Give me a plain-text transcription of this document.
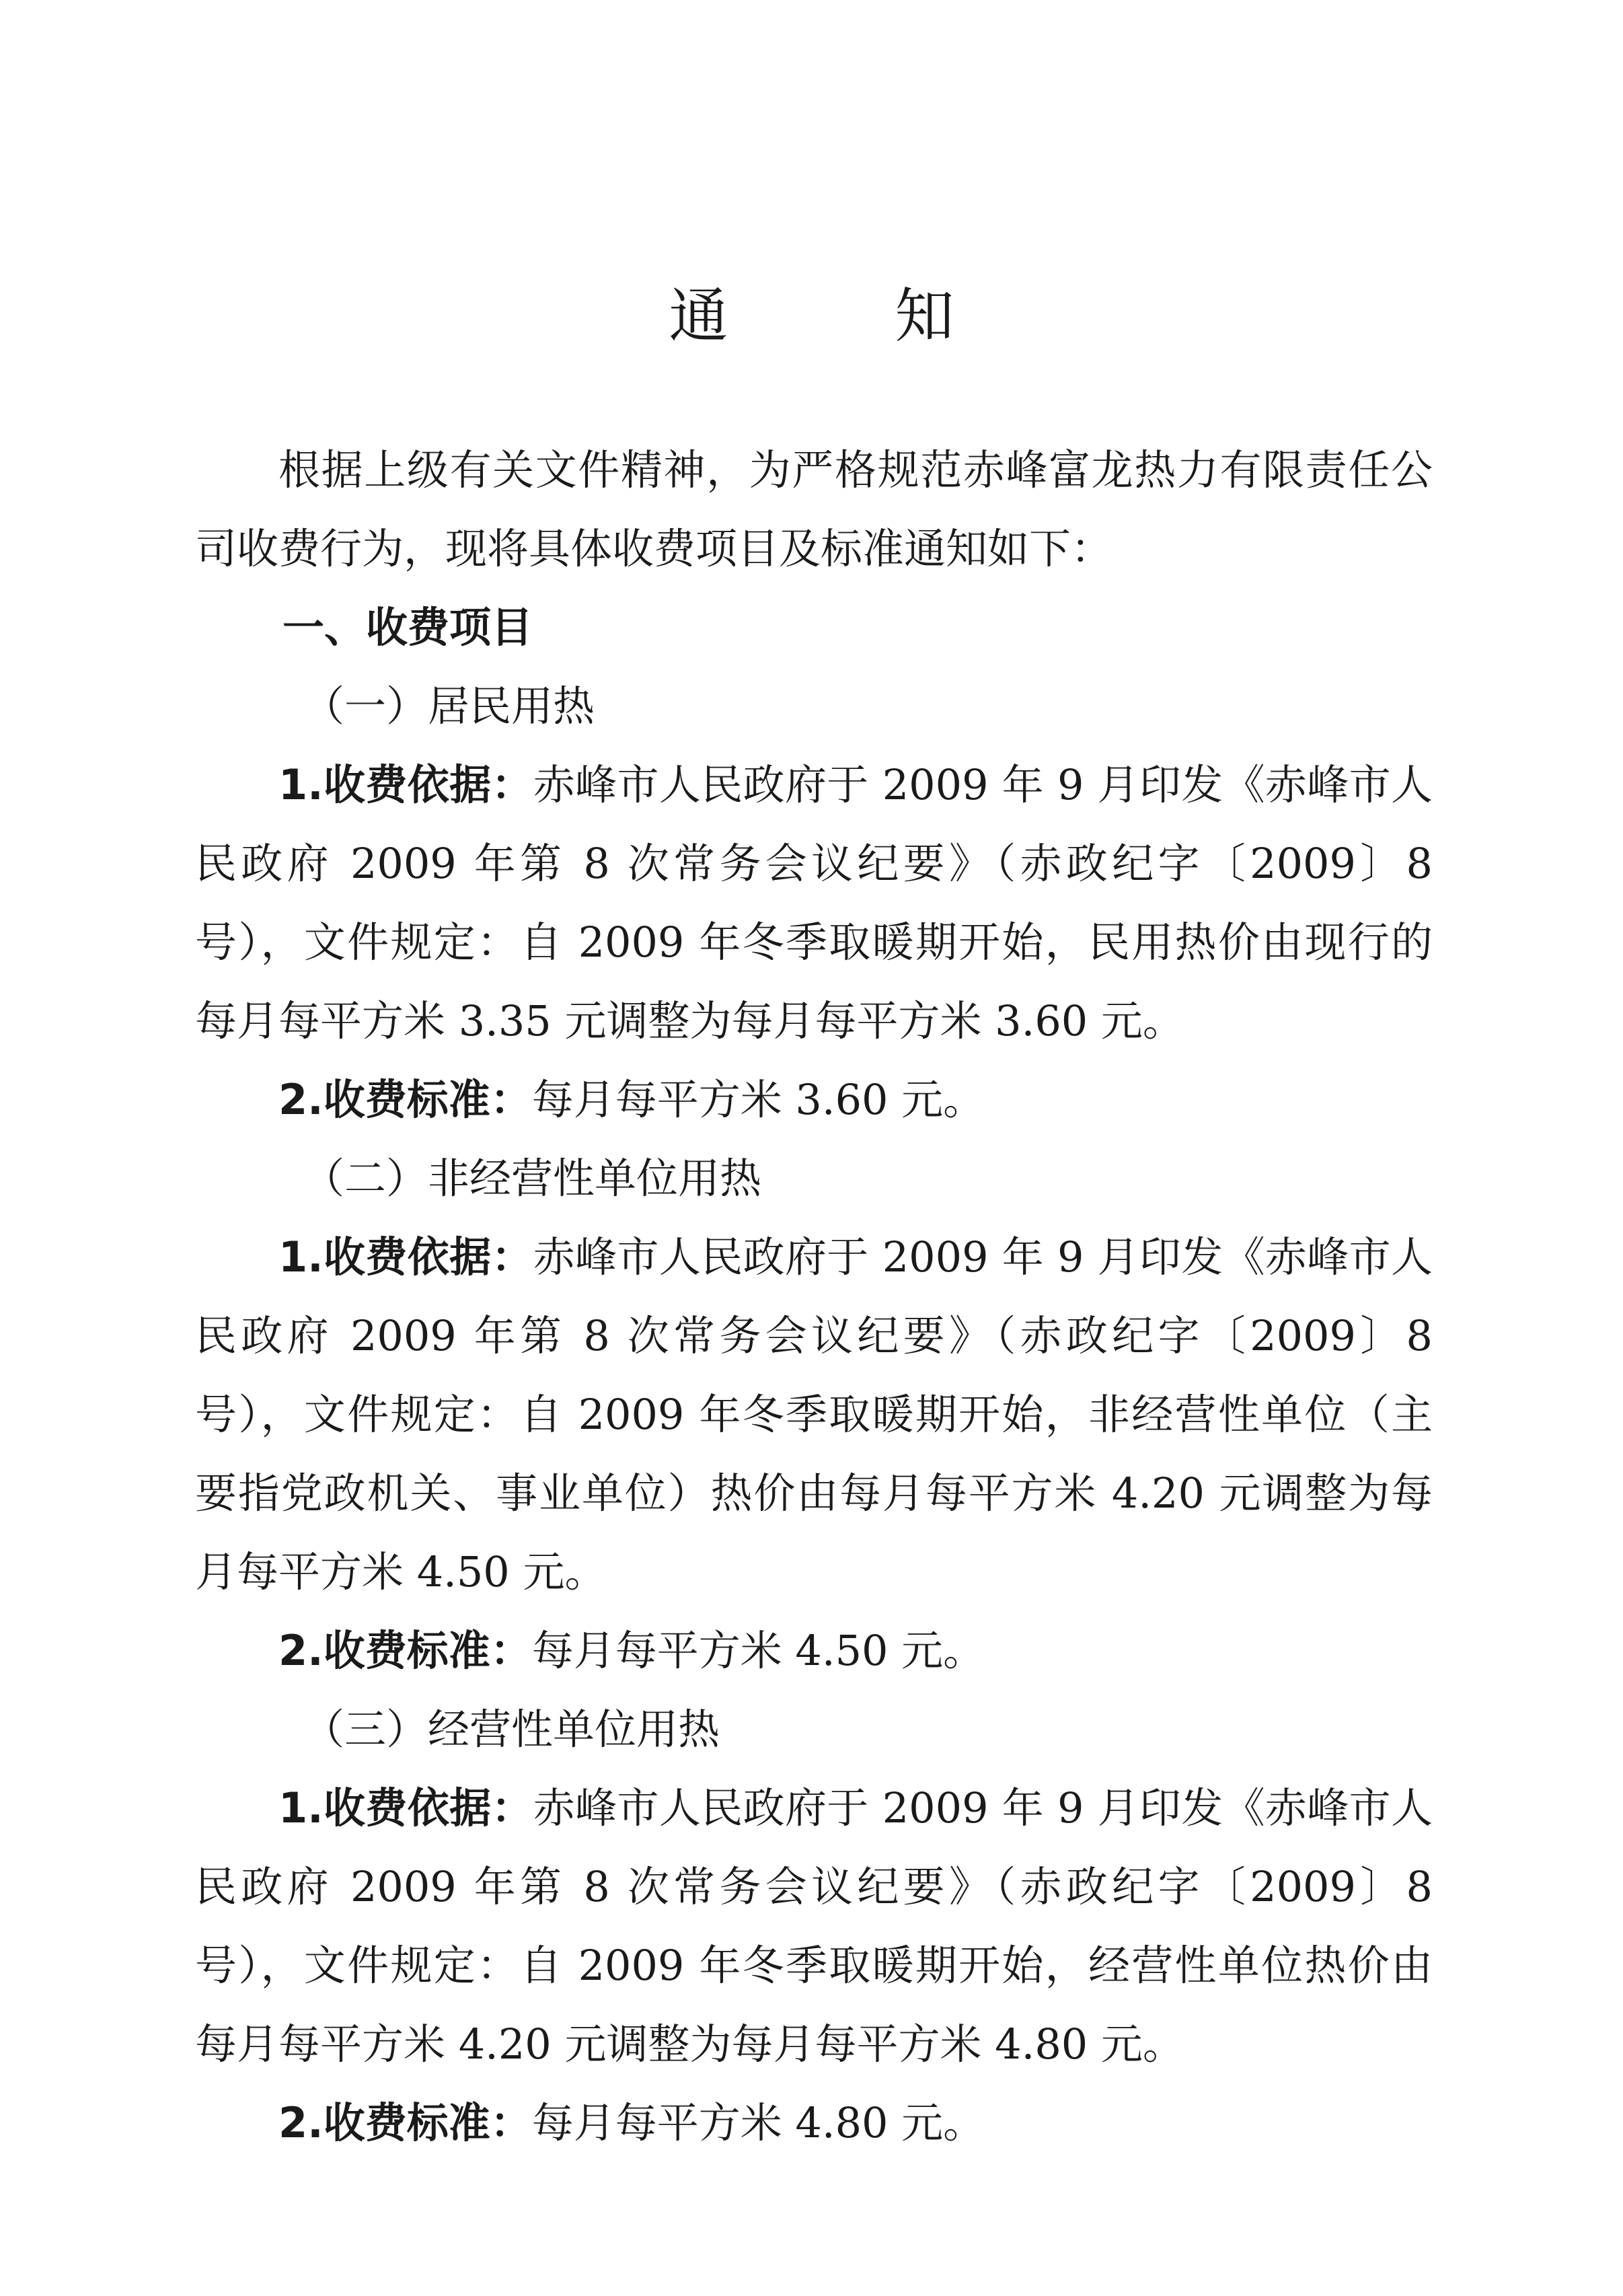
通 知

根据上级有关文件精神，为严格规范赤峰富龙热力有限责任公司收费行为，现将具体收费项目及标准通知如下：

一、收费项目

（一）居民用热

1.收费依据：赤峰市人民政府于 2009 年 9 月印发《赤峰市人民政府 2009 年第 8 次常务会议纪要》（赤政纪字〔2009〕8 号），文件规定：自 2009 年冬季取暖期开始，民用热价由现行的每月每平方米 3.35 元调整为每月每平方米 3.60 元。

2.收费标准：每月每平方米 3.60 元。

（二）非经营性单位用热

1.收费依据：赤峰市人民政府于 2009 年 9 月印发《赤峰市人民政府 2009 年第 8 次常务会议纪要》（赤政纪字〔2009〕8 号），文件规定：自 2009 年冬季取暖期开始，非经营性单位（主要指党政机关、事业单位）热价由每月每平方米 4.20 元调整为每月每平方米 4.50 元。

2.收费标准：每月每平方米 4.50 元。

（三）经营性单位用热

1.收费依据：赤峰市人民政府于 2009 年 9 月印发《赤峰市人民政府 2009 年第 8 次常务会议纪要》（赤政纪字〔2009〕8 号），文件规定：自 2009 年冬季取暖期开始，经营性单位热价由每月每平方米 4.20 元调整为每月每平方米 4.80 元。

2.收费标准：每月每平方米 4.80 元。
